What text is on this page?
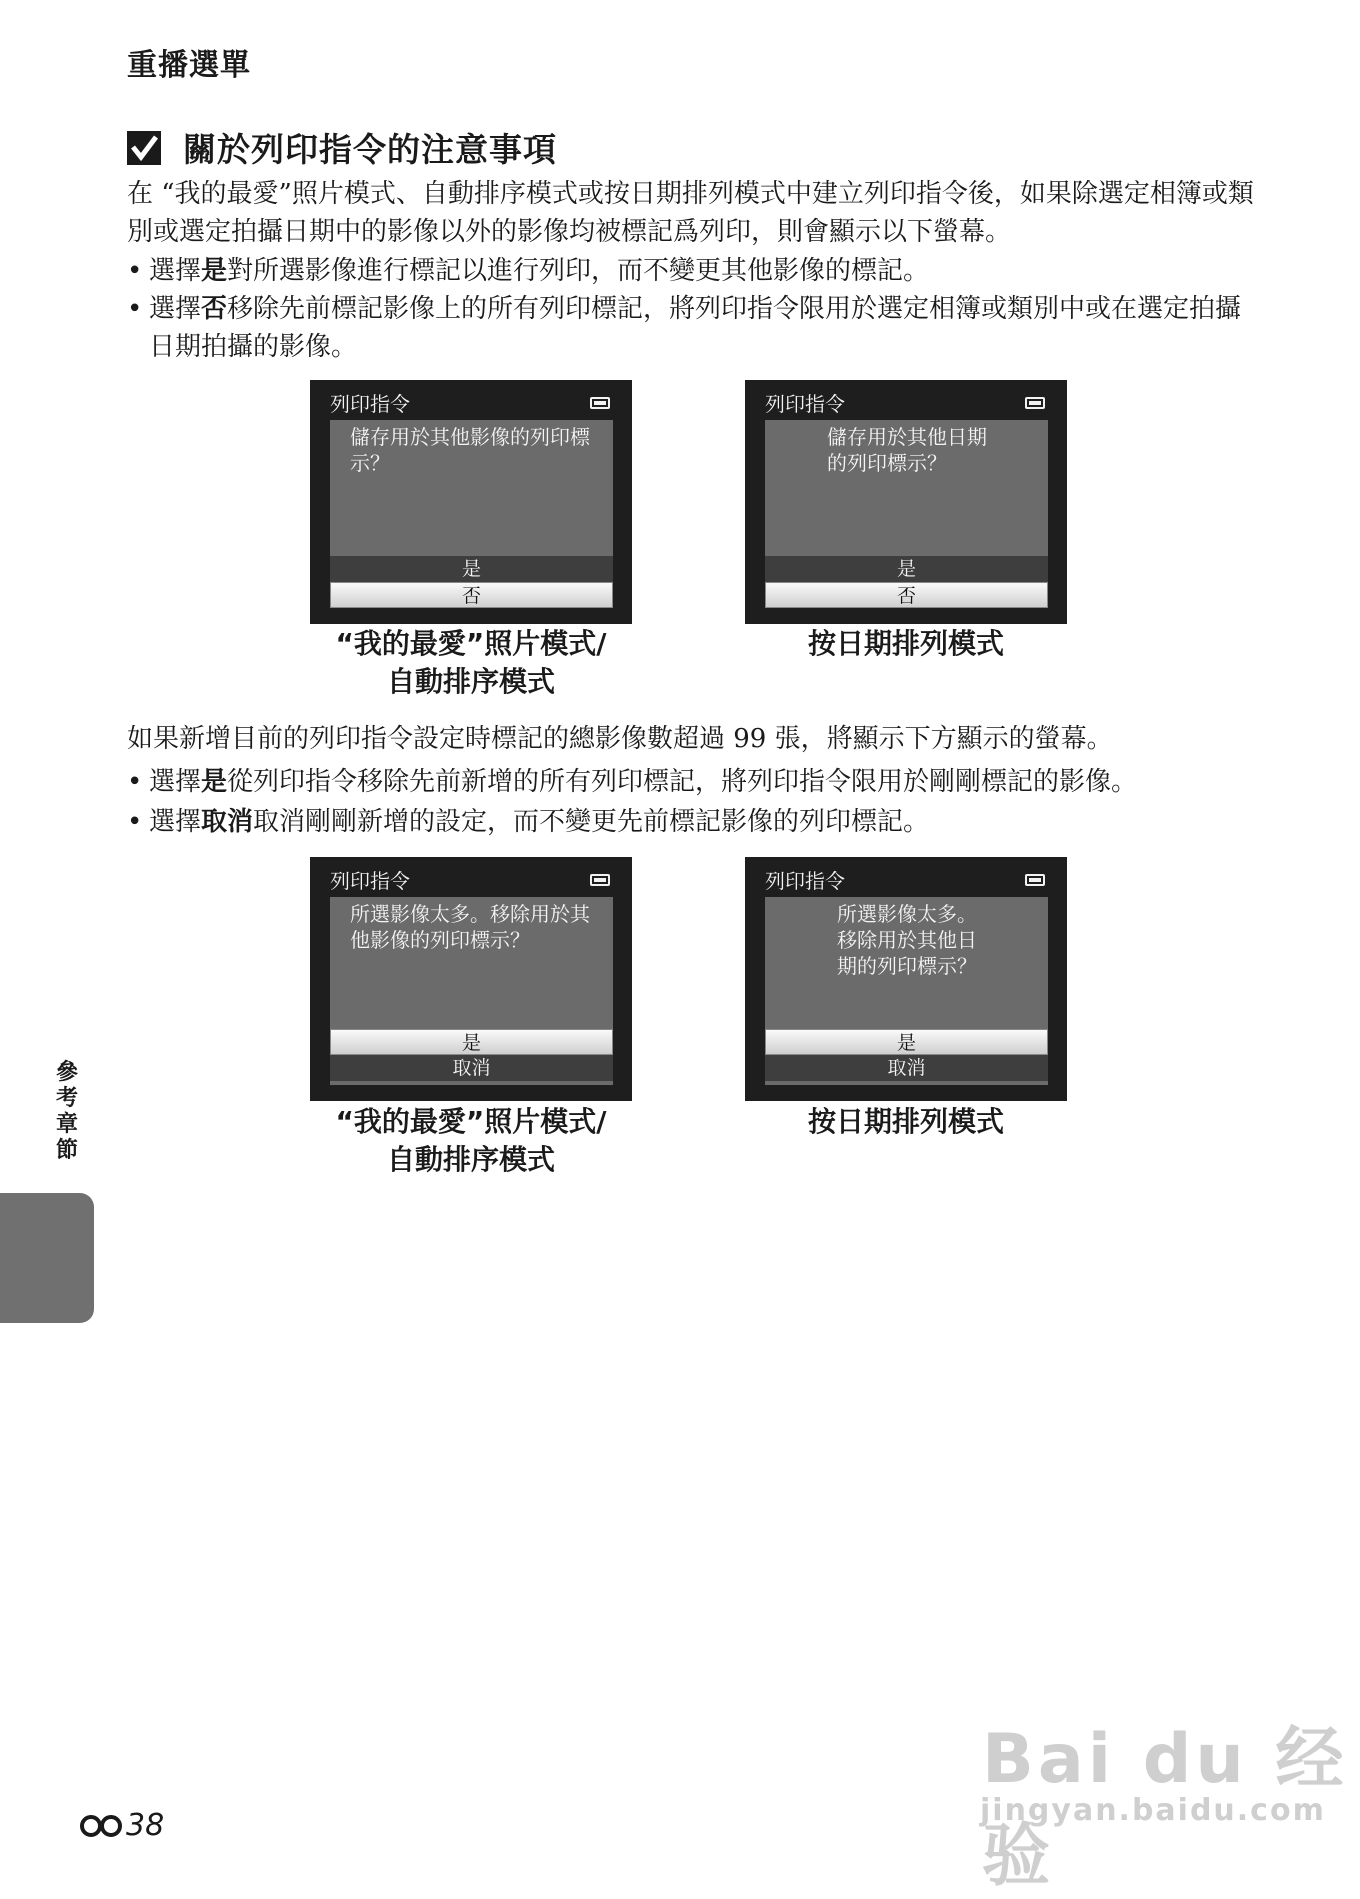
重播選單
關於列印指令的注意事項
在 “我的最愛”照片模式、自動排序模式或按日期排列模式中建立列印指令後，如果除選定相簿或類別或選定拍攝日期中的影像以外的影像均被標記爲列印，則會顯示以下螢幕。
• 選擇是對所選影像進行標記以進行列印，而不變更其他影像的標記。
• 選擇否移除先前標記影像上的所有列印標記，將列印指令限用於選定相簿或類別中或在選定拍攝日期拍攝的影像。
列印指令
儲存用於其他影像的列印標
示？
是
否
列印指令
儲存用於其他日期
的列印標示？
是
否
“我的最愛”照片模式/
自動排序模式
按日期排列模式
如果新增目前的列印指令設定時標記的總影像數超過 99 張，將顯示下方顯示的螢幕。
• 選擇是從列印指令移除先前新增的所有列印標記，將列印指令限用於剛剛標記的影像。
• 選擇取消取消剛剛新增的設定，而不變更先前標記影像的列印標記。
列印指令
所選影像太多。移除用於其
他影像的列印標示？
是
取消
列印指令
所選影像太多。
移除用於其他日
期的列印標示？
是
取消
“我的最愛”照片模式/
自動排序模式
按日期排列模式
參考章節
38
Bai du 经验
jingyan.baidu.com
